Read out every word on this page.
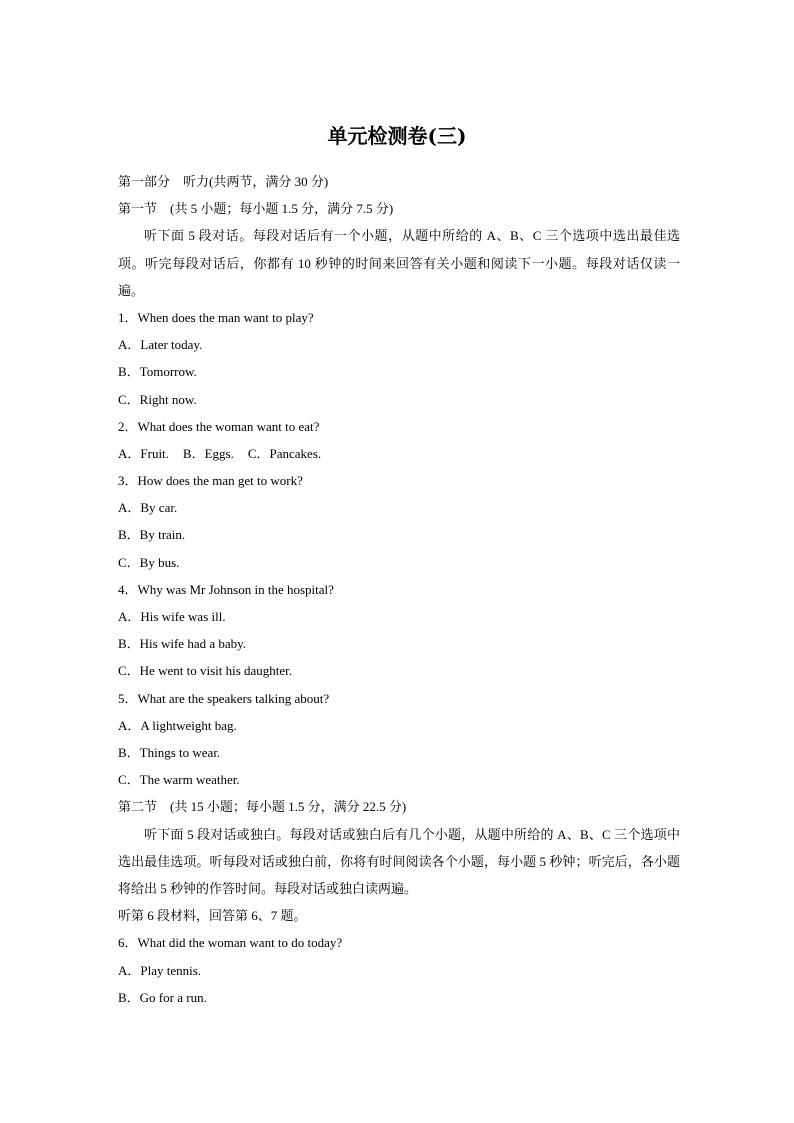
单元检测卷(三)
第一部分　听力(共两节，满分 30 分)
第一节　(共 5 小题；每小题 1.5 分，满分 7.5 分)
听下面 5 段对话。每段对话后有一个小题，从题中所给的 A、B、C 三个选项中选出最佳选项。听完每段对话后，你都有 10 秒钟的时间来回答有关小题和阅读下一小题。每段对话仅读一遍。
1．When does the man want to play?
A．Later today.
B．Tomorrow.
C．Right now.
2．What does the woman want to eat?
A．Fruit. B．Eggs. C．Pancakes.
3．How does the man get to work?
A．By car.
B．By train.
C．By bus.
4．Why was Mr Johnson in the hospital?
A．His wife was ill.
B．His wife had a baby.
C．He went to visit his daughter.
5．What are the speakers talking about?
A．A lightweight bag.
B．Things to wear.
C．The warm weather.
第二节　(共 15 小题；每小题 1.5 分，满分 22.5 分)
听下面 5 段对话或独白。每段对话或独白后有几个小题，从题中所给的 A、B、C 三个选项中选出最佳选项。听每段对话或独白前，你将有时间阅读各个小题，每小题 5 秒钟；听完后，各小题将给出 5 秒钟的作答时间。每段对话或独白读两遍。
听第 6 段材料，回答第 6、7 题。
6．What did the woman want to do today?
A．Play tennis.
B．Go for a run.
